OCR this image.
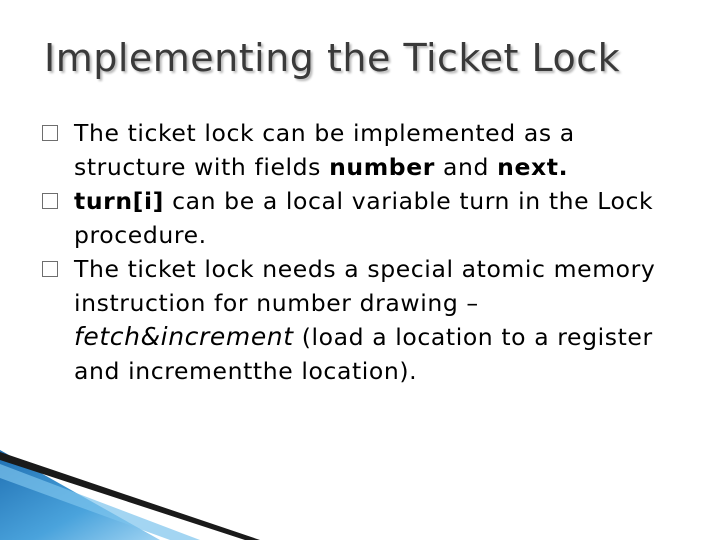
Implementing the Ticket Lock
The ticket lock can be implemented as a structure with fields number and next.
turn[i] can be a local variable turn in the Lock procedure.
The ticket lock needs a special atomic memory instruction for number drawing – fetch&increment (load a location to a register and incrementthe location).
